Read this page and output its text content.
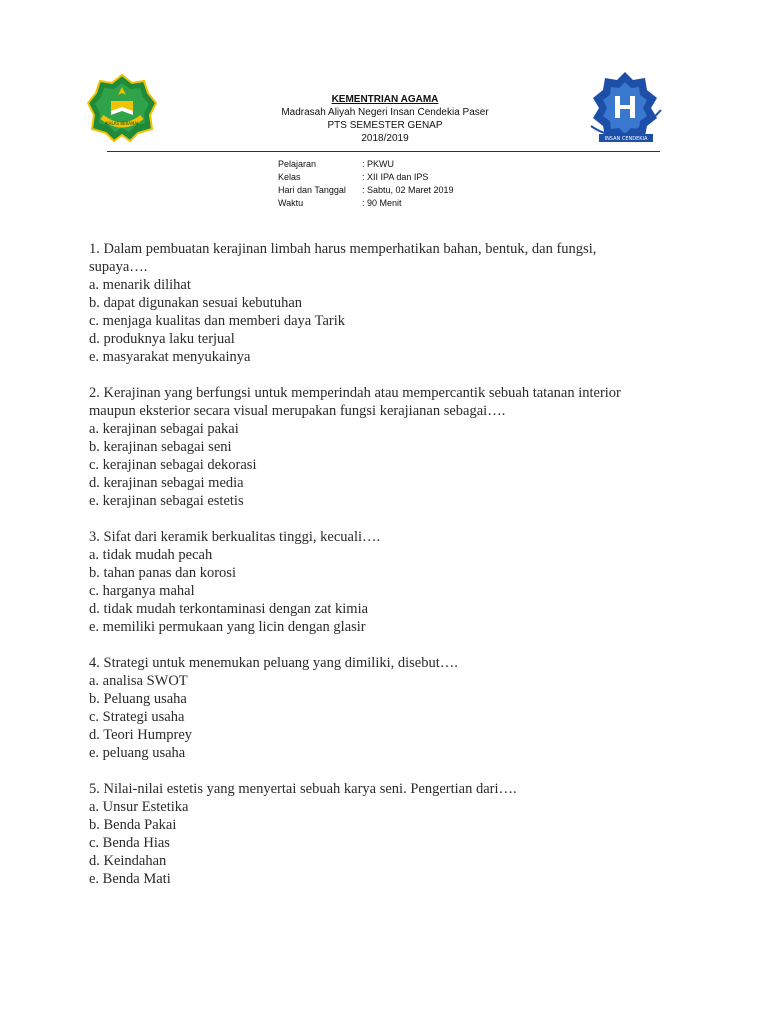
IKHLAS BERAMAL
INSAN CENDEKIA
KEMENTRIAN AGAMA
Madrasah Aliyah Negeri Insan Cendekia Paser
PTS SEMESTER GENAP
2018/2019
Pelajaran	: PKWU
Kelas	: XII IPA dan IPS
Hari dan Tanggal	: Sabtu, 02 Maret 2019
Waktu	: 90 Menit

1. Dalam pembuatan kerajinan limbah harus memperhatikan bahan, bentuk, dan fungsi, supaya….

a. menarik dilihat

b. dapat digunakan sesuai kebutuhan

c. menjaga kualitas dan memberi daya Tarik

d. produknya laku terjual

e. masyarakat menyukainya

2. Kerajinan yang berfungsi untuk memperindah atau mempercantik sebuah tatanan interior maupun eksterior secara visual merupakan fungsi kerajianan sebagai….

a. kerajinan sebagai pakai

b. kerajinan sebagai seni

c. kerajinan sebagai dekorasi

d. kerajinan sebagai media

e. kerajinan sebagai estetis

3. Sifat dari keramik berkualitas tinggi, kecuali….

a. tidak mudah pecah

b. tahan panas dan korosi

c. harganya mahal

d. tidak mudah terkontaminasi dengan zat kimia

e. memiliki permukaan yang licin dengan glasir

4. Strategi untuk menemukan peluang yang dimiliki, disebut….

a. analisa SWOT

b. Peluang usaha

c. Strategi usaha

d. Teori Humprey

e. peluang usaha

5. Nilai-nilai estetis yang menyertai sebuah karya seni. Pengertian dari….

a. Unsur Estetika

b. Benda Pakai

c. Benda Hias

d. Keindahan

e. Benda Mati
